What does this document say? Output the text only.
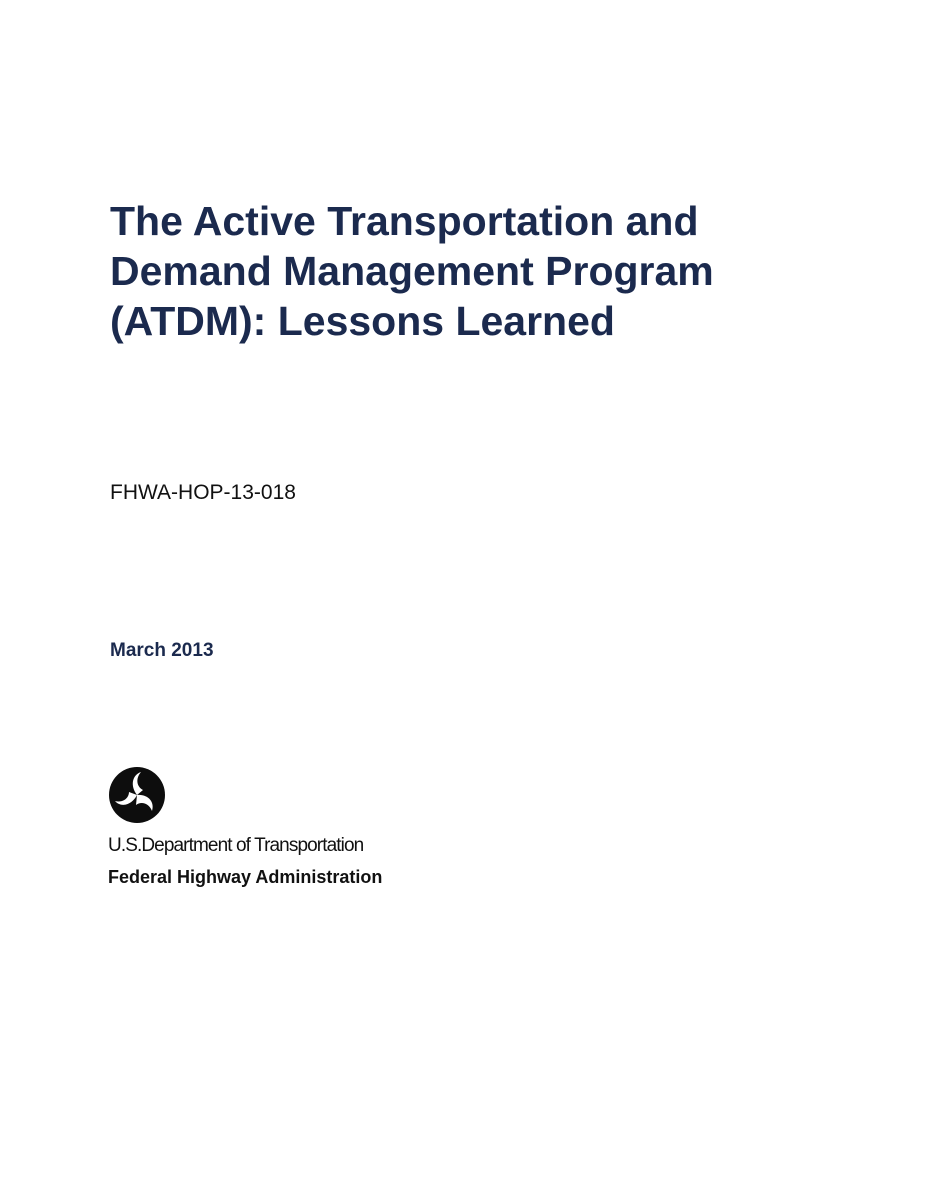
The Active Transportation and
Demand Management Program
(ATDM): Lessons Learned
FHWA-HOP-13-018
March 2013
U.S.Department of Transportation
Federal Highway Administration
